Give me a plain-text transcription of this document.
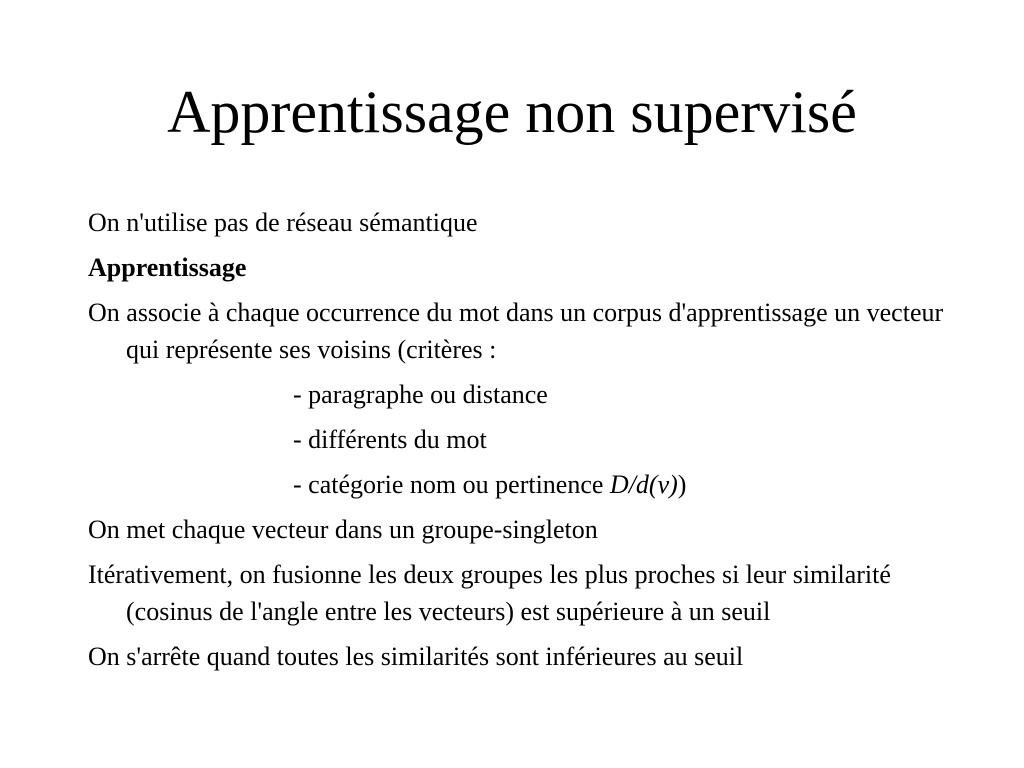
Apprentissage non supervisé

On n'utilise pas de réseau sémantique

Apprentissage

On associe à chaque occurrence du mot dans un corpus d'apprentissage un vecteur qui représente ses voisins (critères :

- paragraphe ou distance

- différents du mot

- catégorie nom ou pertinence D/d(v))

On met chaque vecteur dans un groupe-singleton

Itérativement, on fusionne les deux groupes les plus proches si leur similarité (cosinus de l'angle entre les vecteurs) est supérieure à un seuil

On s'arrête quand toutes les similarités sont inférieures au seuil
